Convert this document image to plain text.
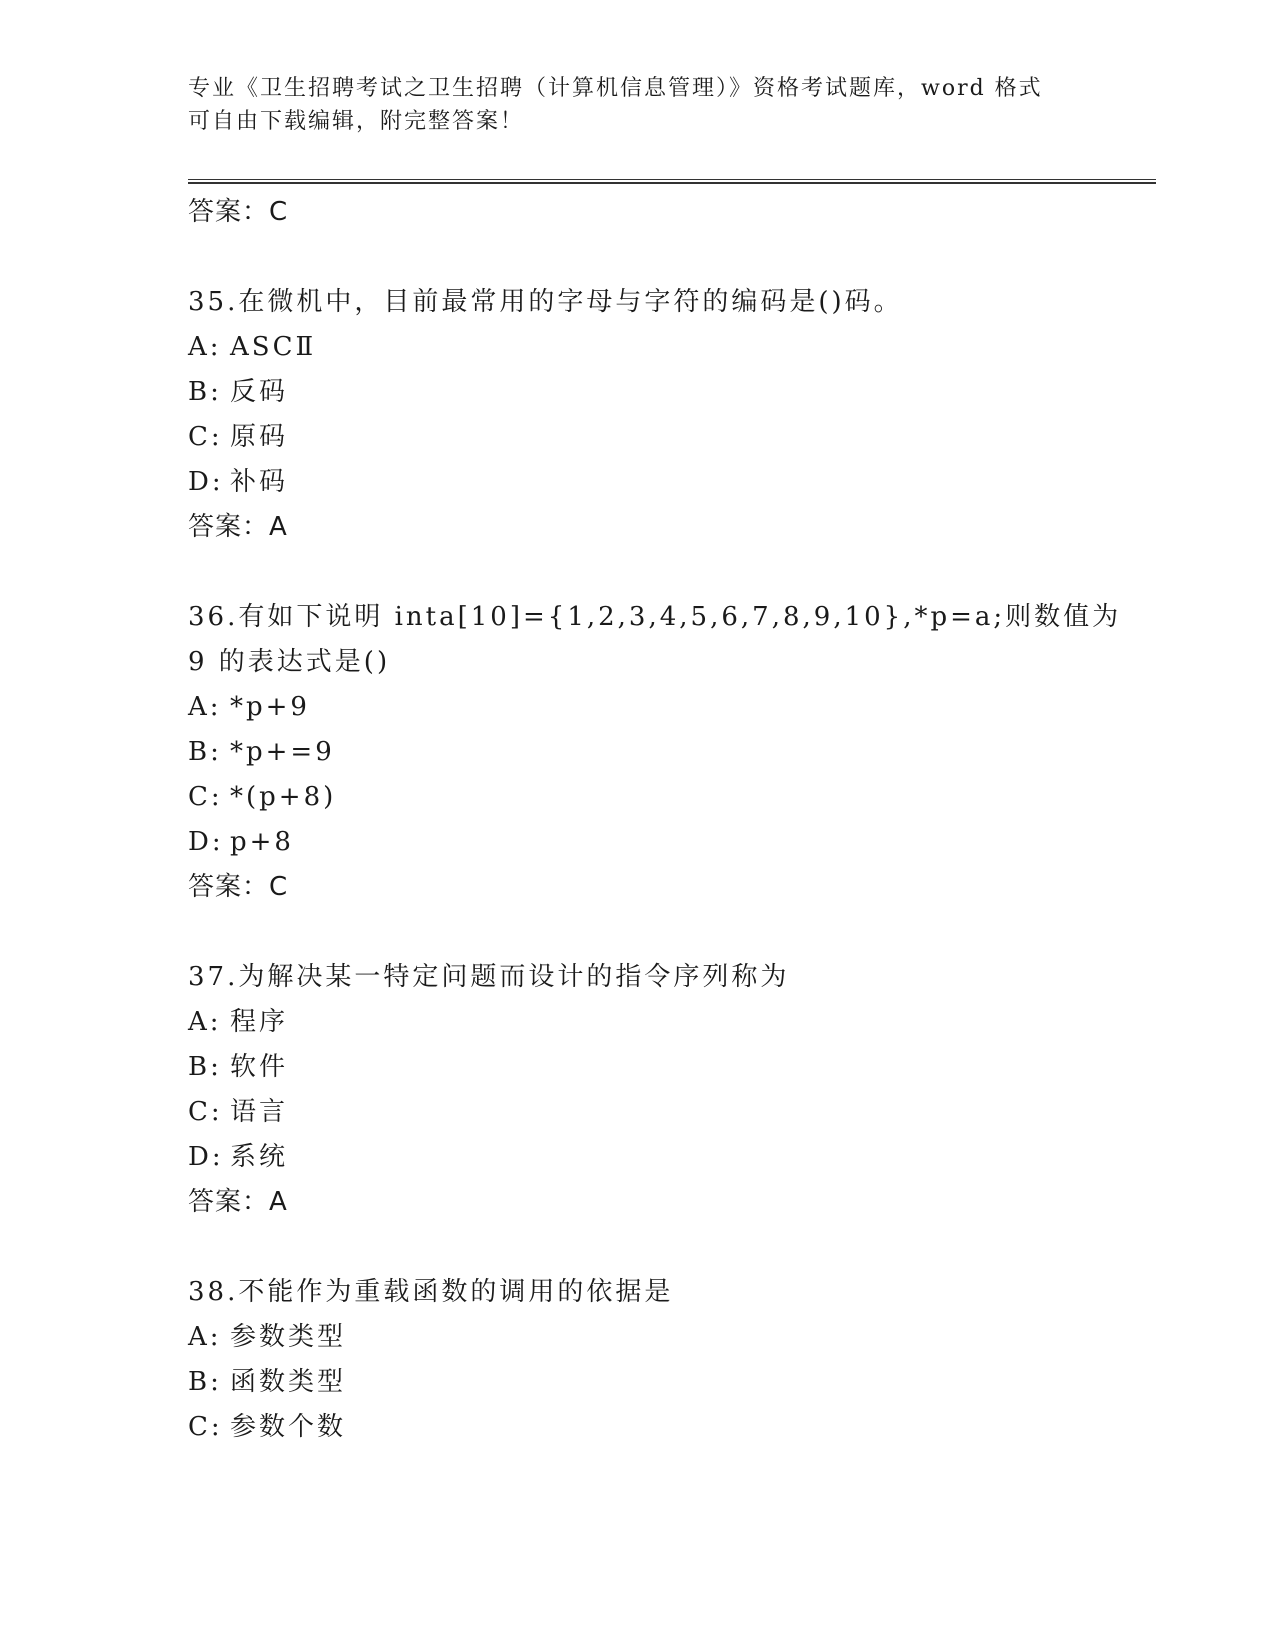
专业《卫生招聘考试之卫生招聘（计算机信息管理）》资格考试题库，word 格式
可自由下载编辑，附完整答案！
答案：C
35.在微机中，目前最常用的字母与字符的编码是()码。
A: ASCⅡ
B: 反码
C: 原码
D: 补码
答案：A
36.有如下说明 inta[10]={1,2,3,4,5,6,7,8,9,10},*p=a;则数值为 9 的表达式是()
A: *p+9
B: *p+=9
C: *(p+8)
D: p+8
答案：C
37.为解决某一特定问题而设计的指令序列称为
A: 程序
B: 软件
C: 语言
D: 系统
答案：A
38.不能作为重载函数的调用的依据是
A: 参数类型
B: 函数类型
C: 参数个数
